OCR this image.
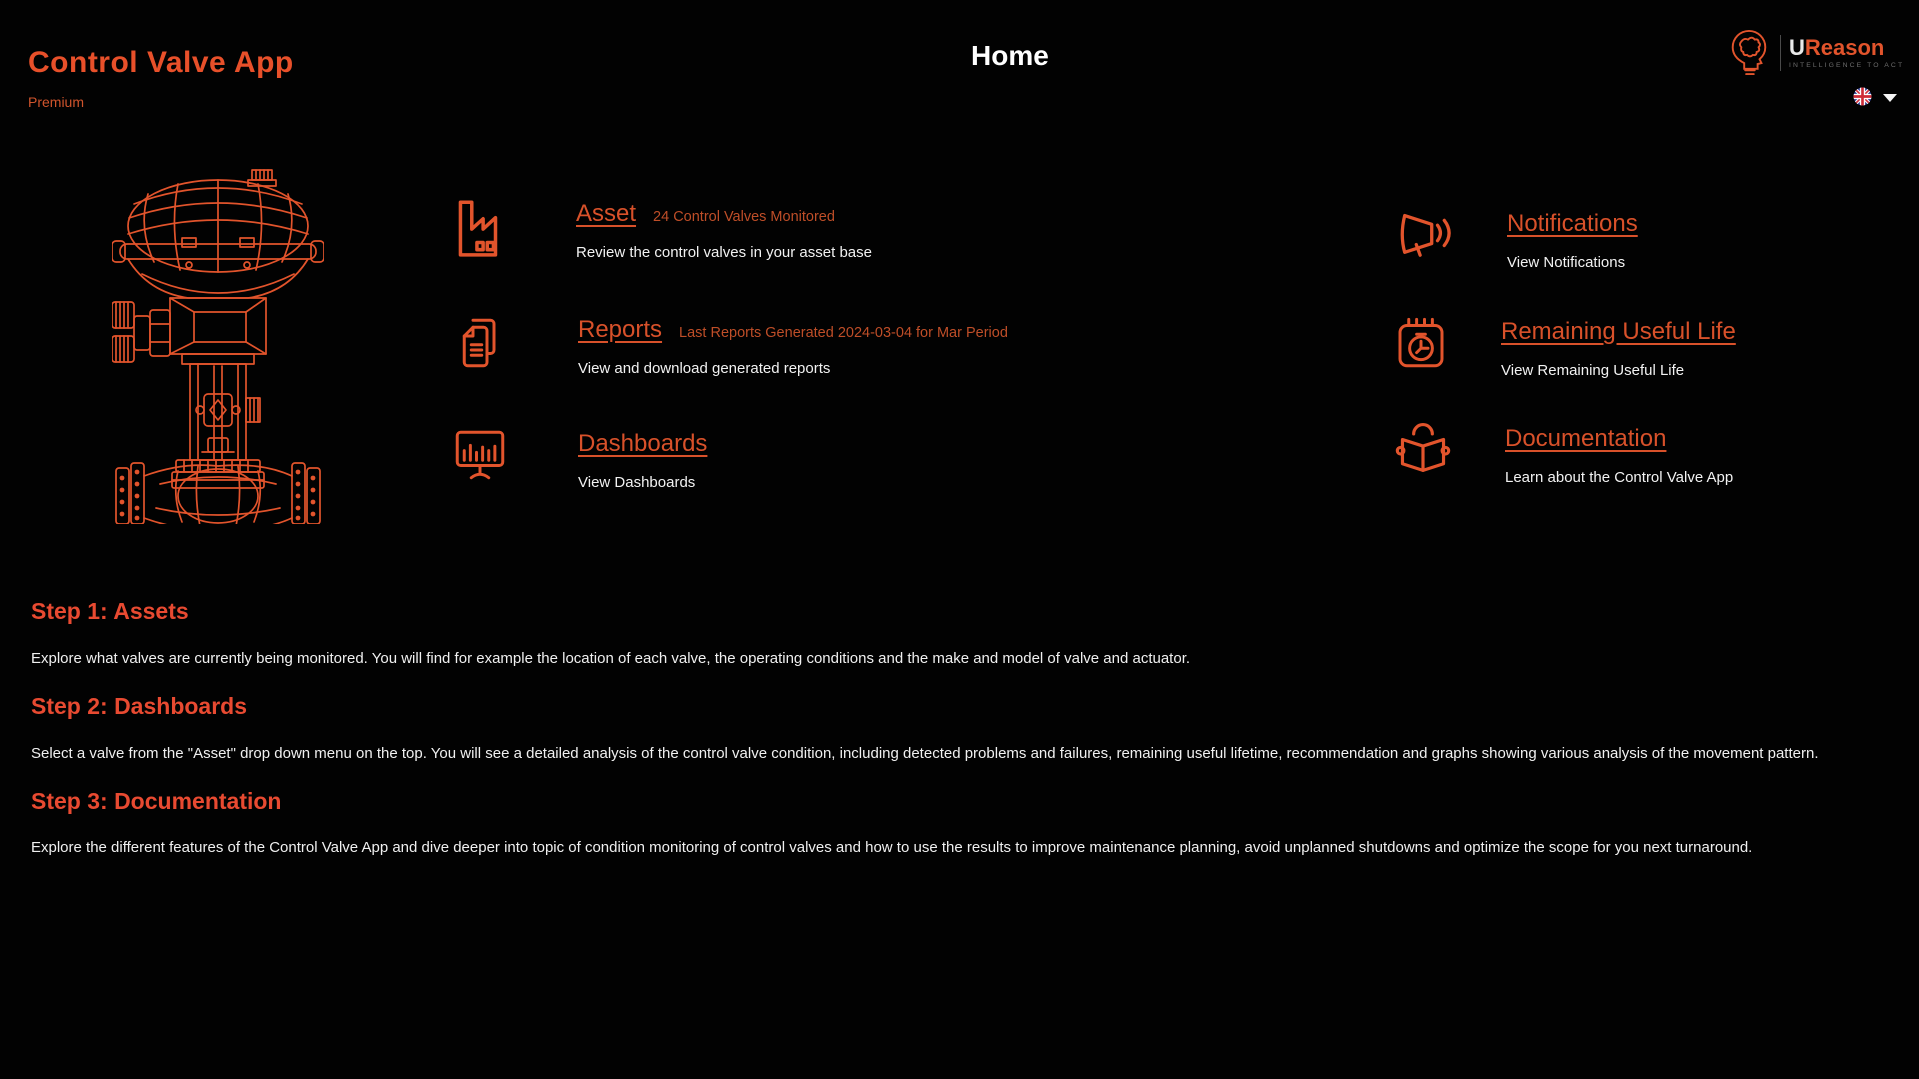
Control Valve App
Premium
Home	UReason
INTELLIGENCE TO ACT
Asset 24 Control Valves Monitored
Review the control valves in your asset base
Reports Last Reports Generated 2024-03-04 for Mar Period
View and download generated reports
Dashboards
View Dashboards
Notifications
View Notifications
Remaining Useful Life
View Remaining Useful Life
Documentation
Learn about the Control Valve App
Step 1: Assets
Explore what valves are currently being monitored. You will find for example the location of each valve, the operating conditions and the make and model of valve and actuator.
Step 2: Dashboards
Select a valve from the "Asset" drop down menu on the top. You will see a detailed analysis of the control valve condition, including detected problems and failures, remaining useful lifetime, recommendation and graphs showing various analysis of the movement pattern.
Step 3: Documentation
Explore the different features of the Control Valve App and dive deeper into topic of condition monitoring of control valves and how to use the results to improve maintenance planning, avoid unplanned shutdowns and optimize the scope for you next turnaround.
